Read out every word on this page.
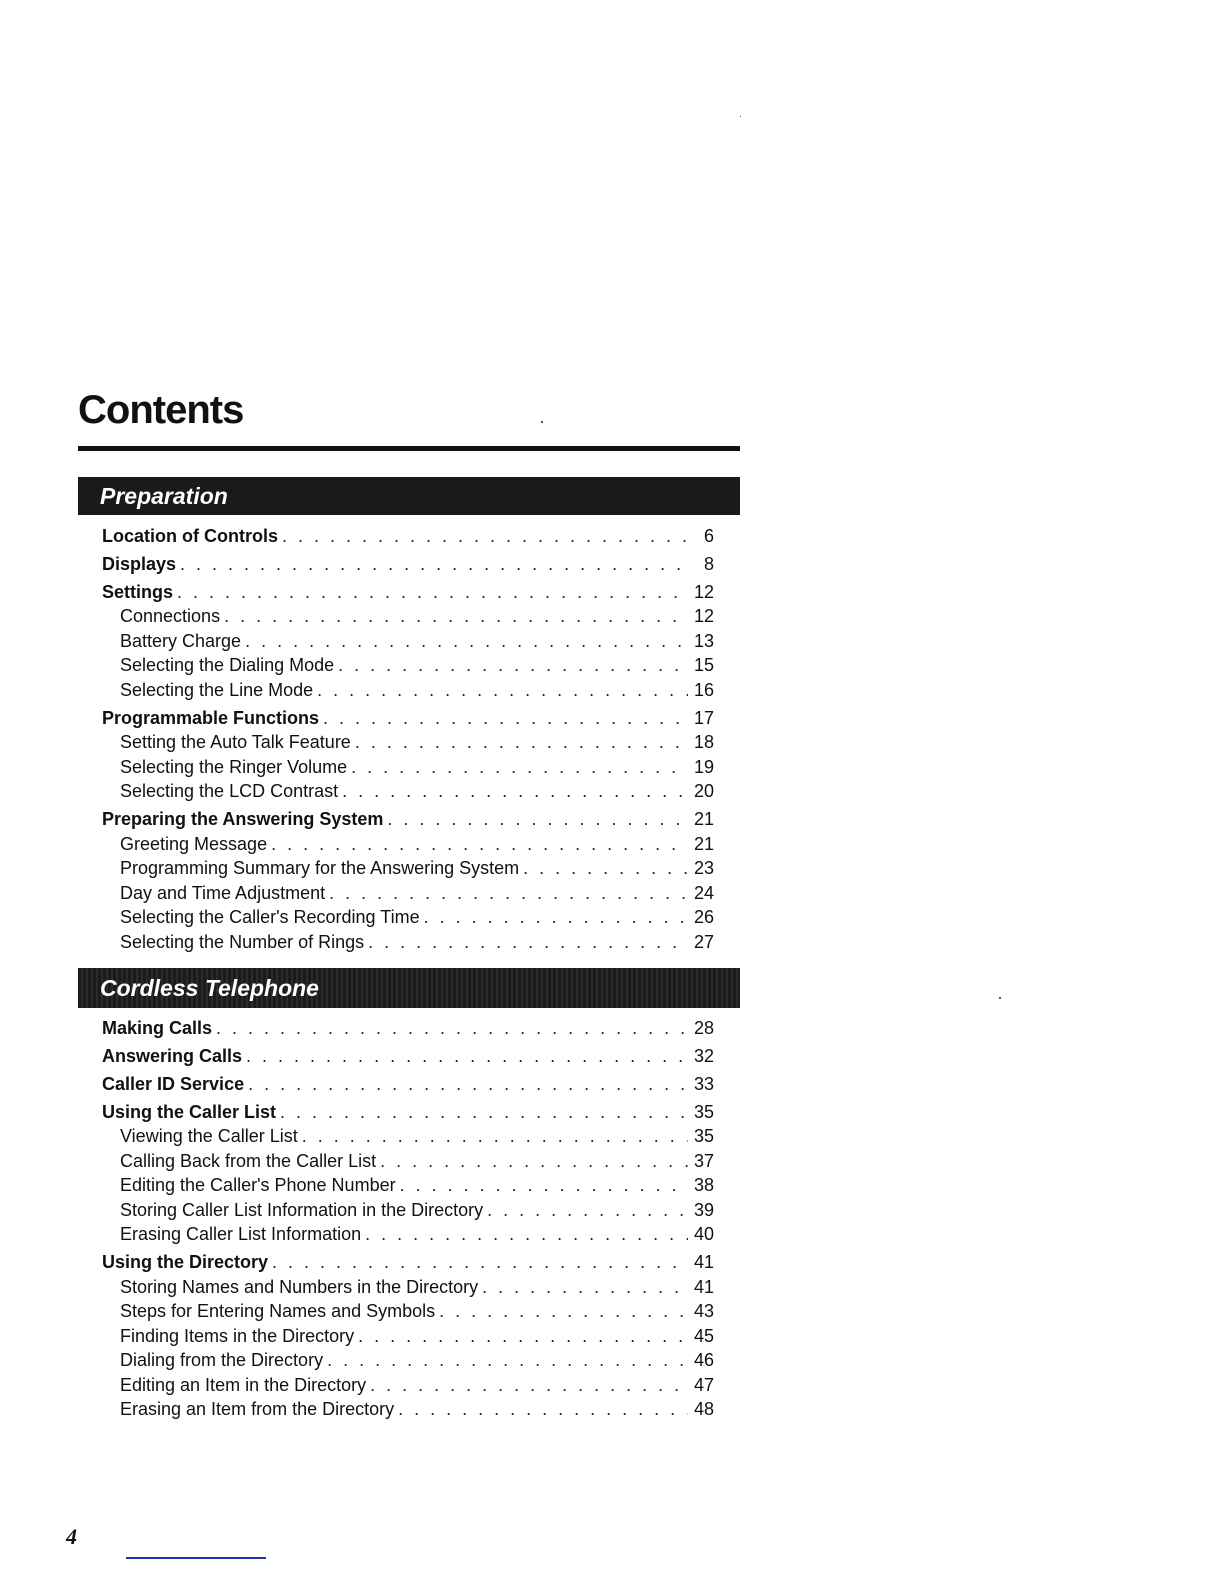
Contents
Preparation
Location of Controls . . .	6
Displays . . .	8
Settings . . .	12
Connections . . .	12
Battery Charge . . .	13
Selecting the Dialing Mode . . .	15
Selecting the Line Mode . . .	16
Programmable Functions . . .	17
Setting the Auto Talk Feature . . .	18
Selecting the Ringer Volume . . .	19
Selecting the LCD Contrast . . .	20
Preparing the Answering System . . .	21
Greeting Message . . .	21
Programming Summary for the Answering System . . .	23
Day and Time Adjustment . . .	24
Selecting the Caller's Recording Time . . .	26
Selecting the Number of Rings . . .	27
Cordless Telephone
Making Calls . . .	28
Answering Calls . . .	32
Caller ID Service . . .	33
Using the Caller List . . .	35
Viewing the Caller List . . .	35
Calling Back from the Caller List . . .	37
Editing the Caller's Phone Number . . .	38
Storing Caller List Information in the Directory . . .	39
Erasing Caller List Information . . .	40
Using the Directory . . .	41
Storing Names and Numbers in the Directory . . .	41
Steps for Entering Names and Symbols . . .	43
Finding Items in the Directory . . .	45
Dialing from the Directory . . .	46
Editing an Item in the Directory . . .	47
Erasing an Item from the Directory . . .	48
4
